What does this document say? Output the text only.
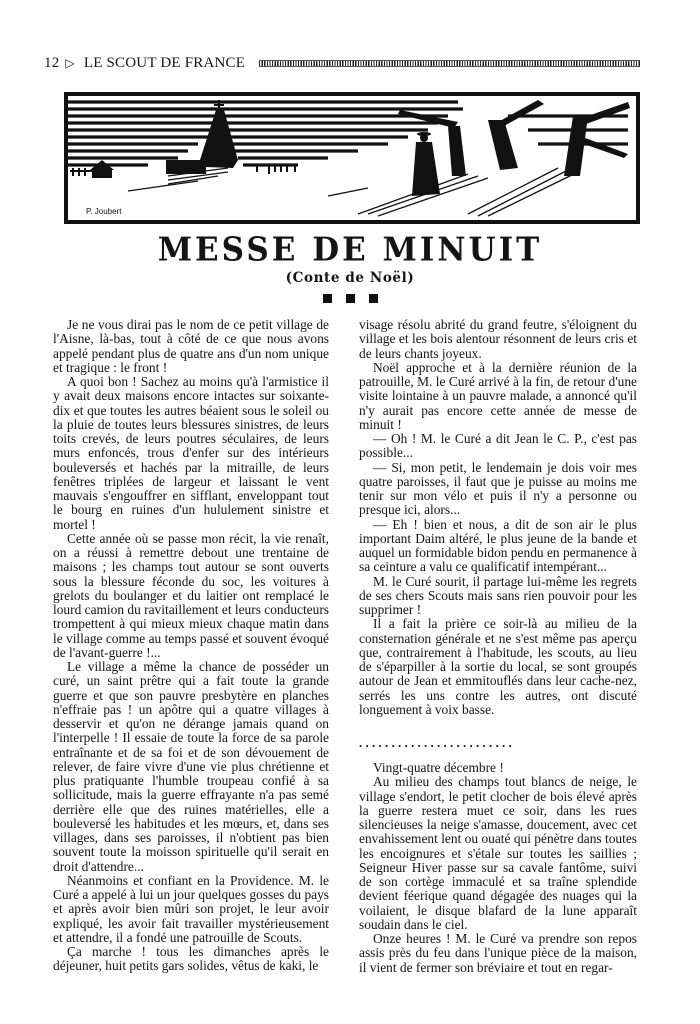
12 ▷ LE SCOUT DE FRANCE
P. Joubert
MESSE DE MINUIT
(Conte de Noël)

Je ne vous dirai pas le nom de ce petit village de l'Aisne, là-bas, tout à côté de ce que nous avons appelé pendant plus de quatre ans d'un nom unique et tragique : le front !

A quoi bon ! Sachez au moins qu'à l'armistice il y avait deux maisons encore intactes sur soixante-dix et que toutes les autres béaient sous le soleil ou la pluie de toutes leurs blessures sinistres, de leurs toits crevés, de leurs poutres séculaires, de leurs murs enfoncés, trous d'enfer sur des intérieurs bouleversés et hachés par la mitraille, de leurs fenêtres triplées de largeur et laissant le vent mauvais s'engouffrer en sifflant, enveloppant tout le bourg en ruines d'un hululement sinistre et mortel !

Cette année où se passe mon récit, la vie renaît, on a réussi à remettre debout une trentaine de maisons ; les champs tout autour se sont ouverts sous la blessure féconde du soc, les voitures à grelots du boulanger et du laitier ont remplacé le lourd camion du ravitaillement et leurs conducteurs trompettent à qui mieux mieux chaque matin dans le village comme au temps passé et souvent évoqué de l'avant-guerre !...

Le village a même la chance de posséder un curé, un saint prêtre qui a fait toute la grande guerre et que son pauvre presbytère en planches n'effraie pas ! un apôtre qui a quatre villages à desservir et qu'on ne dérange jamais quand on l'interpelle ! Il essaie de toute la force de sa parole entraînante et de sa foi et de son dévouement de relever, de faire vivre d'une vie plus chrétienne et plus pratiquante l'humble troupeau confié à sa sollicitude, mais la guerre effrayante n'a pas semé derrière elle que des ruines matérielles, elle a bouleversé les habitudes et les mœurs, et, dans ses villages, dans ses paroisses, il n'obtient pas bien souvent toute la moisson spirituelle qu'il serait en droit d'attendre...

Néanmoins et confiant en la Providence. M. le Curé a appelé à lui un jour quelques gosses du pays et après avoir bien mûri son projet, le leur avoir expliqué, les avoir fait travailler mystérieusement et attendre, il a fondé une patrouille de Scouts.

Ça marche ! tous les dimanches après le déjeuner, huit petits gars solides, vêtus de kaki, le

visage résolu abrité du grand feutre, s'éloignent du village et les bois alentour résonnent de leurs cris et de leurs chants joyeux.

Noël approche et à la dernière réunion de la patrouille, M. le Curé arrivé à la fin, de retour d'une visite lointaine à un pauvre malade, a annoncé qu'il n'y aurait pas encore cette année de messe de minuit !

— Oh ! M. le Curé a dit Jean le C. P., c'est pas possible...

— Si, mon petit, le lendemain je dois voir mes quatre paroisses, il faut que je puisse au moins me tenir sur mon vélo et puis il n'y a personne ou presque ici, alors...

— Eh ! bien et nous, a dit de son air le plus important Daim altéré, le plus jeune de la bande et auquel un formidable bidon pendu en permanence à sa ceinture a valu ce qualificatif intempérant...

M. le Curé sourit, il partage lui-même les regrets de ses chers Scouts mais sans rien pouvoir pour les supprimer !

Il a fait la prière ce soir-là au milieu de la consternation générale et ne s'est même pas aperçu que, contrairement à l'habitude, les scouts, au lieu de s'éparpiller à la sortie du local, se sont groupés autour de Jean et emmitouflés dans leur cache-nez, serrés les uns contre les autres, ont discuté longuement à voix basse.

. . . . . . . . . . . . . . . . . . . . . . . .

Vingt-quatre décembre !

Au milieu des champs tout blancs de neige, le village s'endort, le petit clocher de bois élevé après la guerre restera muet ce soir, dans les rues silencieuses la neige s'amasse, doucement, avec cet envahissement lent ou ouaté qui pénètre dans toutes les encoignures et s'étale sur toutes les saillies ; Seigneur Hiver passe sur sa cavale fantôme, suivi de son cortège immaculé et sa traîne splendide devient féerique quand dégagée des nuages qui la voilaient, le disque blafard de la lune apparaît soudain dans le ciel.

Onze heures ! M. le Curé va prendre son repos assis près du feu dans l'unique pièce de la maison, il vient de fermer son bréviaire et tout en regar-
